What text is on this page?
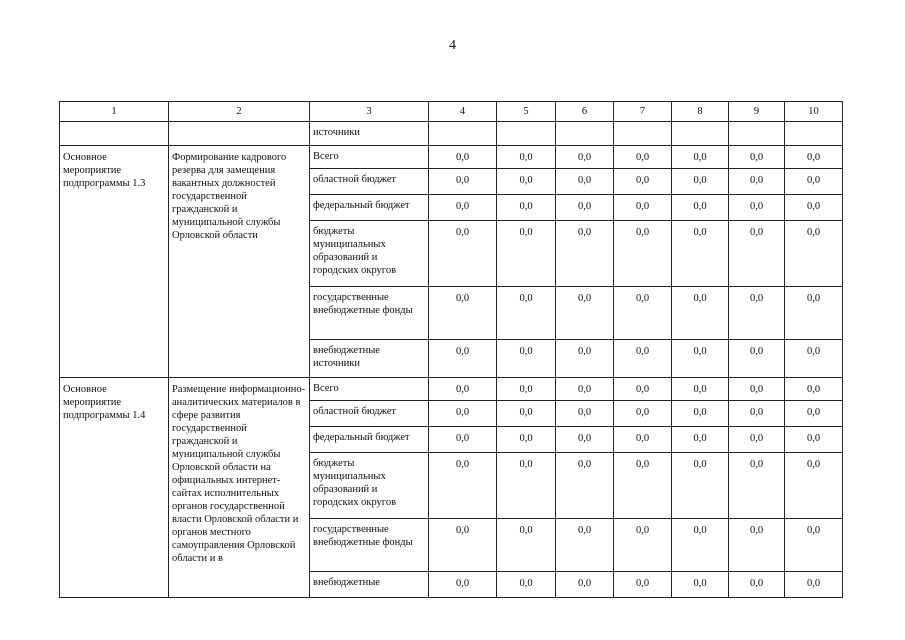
4
1	2	3	4	5	6	7	8	9	10
		источники							
Основное мероприятие подпрограммы 1.3	Формирование кадрового резерва для замещения вакантных должностей государственной гражданской и муниципальной службы Орловской области	Всего	0,0	0,0	0,0	0,0	0,0	0,0	0,0
		областной бюджет	0,0	0,0	0,0	0,0	0,0	0,0	0,0
		федеральный бюджет	0,0	0,0	0,0	0,0	0,0	0,0	0,0
		бюджеты муниципальных образований и городских округов	0,0	0,0	0,0	0,0	0,0	0,0	0,0
		государственные внебюджетные фонды	0,0	0,0	0,0	0,0	0,0	0,0	0,0
		внебюджетные источники	0,0	0,0	0,0	0,0	0,0	0,0	0,0
Основное мероприятие подпрограммы 1.4	Размещение информационно-аналитических материалов в сфере развития государственной гражданской и муниципальной службы Орловской области на официальных интернет-сайтах исполнительных органов государственной власти Орловской области и органов местного самоуправления Орловской области и в	Всего	0,0	0,0	0,0	0,0	0,0	0,0	0,0
		областной бюджет	0,0	0,0	0,0	0,0	0,0	0,0	0,0
		федеральный бюджет	0,0	0,0	0,0	0,0	0,0	0,0	0,0
		бюджеты муниципальных образований и городских округов	0,0	0,0	0,0	0,0	0,0	0,0	0,0
		государственные внебюджетные фонды	0,0	0,0	0,0	0,0	0,0	0,0	0,0
		внебюджетные	0,0	0,0	0,0	0,0	0,0	0,0	0,0
